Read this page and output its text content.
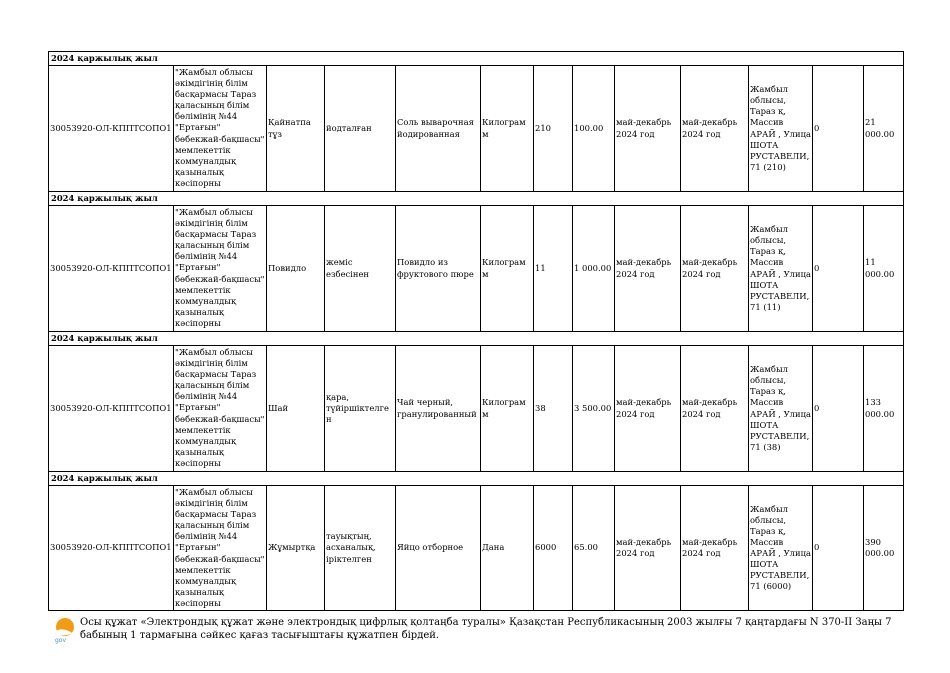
2024 қаржылық жыл												
30053920-ОЛ-КППТСОПО1	"Жамбыл облысы әкімдігінің білім басқармасы Тараз қаласының білім бөлімінің №44 "Ертағын" бөбекжай-бақшасы" мемлекеттік коммуналдық қазыналық кәсіпорны	Қайнатпа тұз	йодталған	Соль выварочная йодированная	Килограмм	210	100.00	май-декабрь 2024 год	май-декабрь 2024 год	Жамбыл облысы, Тараз қ, Массив АРАЙ , Улица ШОТА РУСТАВЕЛИ, 71 (210)	0	21 000.00
2024 қаржылық жыл												
30053920-ОЛ-КППТСОПО1	"Жамбыл облысы әкімдігінің білім басқармасы Тараз қаласының білім бөлімінің №44 "Ертағын" бөбекжай-бақшасы" мемлекеттік коммуналдық қазыналық кәсіпорны	Повидло	жеміс езбесінен	Повидло из фруктового пюре	Килограмм	11	1 000.00	май-декабрь 2024 год	май-декабрь 2024 год	Жамбыл облысы, Тараз қ, Массив АРАЙ , Улица ШОТА РУСТАВЕЛИ, 71 (11)	0	11 000.00
2024 қаржылық жыл												
30053920-ОЛ-КППТСОПО1	"Жамбыл облысы әкімдігінің білім басқармасы Тараз қаласының білім бөлімінің №44 "Ертағын" бөбекжай-бақшасы" мемлекеттік коммуналдық қазыналық кәсіпорны	Шай	қара, түйіршіктелген	Чай черный, гранулированный	Килограмм	38	3 500.00	май-декабрь 2024 год	май-декабрь 2024 год	Жамбыл облысы, Тараз қ, Массив АРАЙ , Улица ШОТА РУСТАВЕЛИ, 71 (38)	0	133 000.00
2024 қаржылық жыл												
30053920-ОЛ-КППТСОПО1	"Жамбыл облысы әкімдігінің білім басқармасы Тараз қаласының білім бөлімінің №44 "Ертағын" бөбекжай-бақшасы" мемлекеттік коммуналдық қазыналық кәсіпорны	Жұмыртқа	тауықтың, асханалық, іріктелген	Яйцо отборное	Дана	6000	65.00	май-декабрь 2024 год	май-декабрь 2024 год	Жамбыл облысы, Тараз қ, Массив АРАЙ , Улица ШОТА РУСТАВЕЛИ, 71 (6000)	0	390 000.00
gov
Осы құжат «Электрондық құжат және электрондық цифрлық қолтаңба туралы» Қазақстан Республикасының 2003 жылғы 7 қаңтардағы N 370-II Заңы 7 бабының 1 тармағына сәйкес қағаз тасығыштағы құжатпен бірдей.
